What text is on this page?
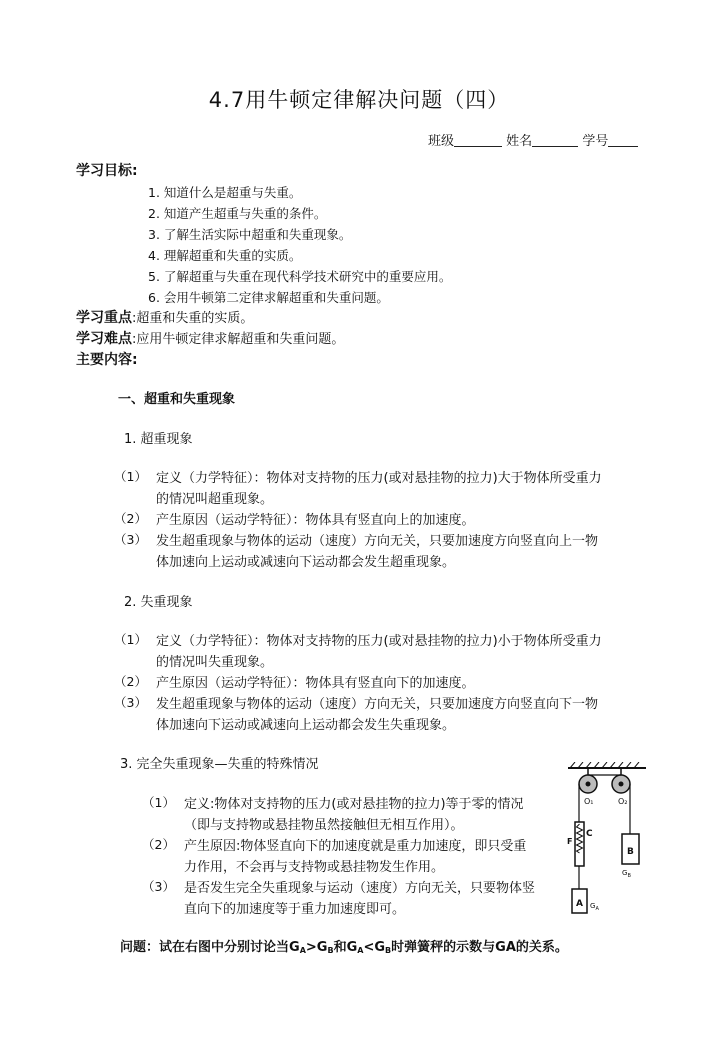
4.7用牛顿定律解决问题（四）
班级	姓名	学号
学习目标:
1. 知道什么是超重与失重。
2. 知道产生超重与失重的条件。
3. 了解生活实际中超重和失重现象。
4. 理解超重和失重的实质。
5. 了解超重与失重在现代科学技术研究中的重要应用。
6. 会用牛顿第二定律求解超重和失重问题。
学习重点:超重和失重的实质。
学习难点:应用牛顿定律求解超重和失重问题。
主要内容:
一、超重和失重现象
1. 超重现象
（1） 定义（力学特征）：物体对支持物的压力(或对悬挂物的拉力)大于物体所受重力
的情况叫超重现象。
（2） 产生原因（运动学特征）：物体具有竖直向上的加速度。
（3） 发生超重现象与物体的运动（速度）方向无关，只要加速度方向竖直向上一物
体加速向上运动或减速向下运动都会发生超重现象。
2. 失重现象
（1） 定义（力学特征）：物体对支持物的压力(或对悬挂物的拉力)小于物体所受重力
的情况叫失重现象。
（2） 产生原因（运动学特征）：物体具有竖直向下的加速度。
（3） 发生超重现象与物体的运动（速度）方向无关，只要加速度方向竖直向下一物
体加速向下运动或减速向上运动都会发生失重现象。
3. 完全失重现象—失重的特殊情况
（1） 定义:物体对支持物的压力(或对悬挂物的拉力)等于零的情况
（即与支持物或悬挂物虽然接触但无相互作用）。
（2） 产生原因:物体竖直向下的加速度就是重力加速度，即只受重
力作用，不会再与支持物或悬挂物发生作用。
（3） 是否发生完全失重现象与运动（速度）方向无关，只要物体竖
直向下的加速度等于重力加速度即可。
O₁	O₂
C
F
A $G_A$
B
$G_B$
问题：试在右图中分别讨论当$G_A>G_B$和$G_A<G_B$时弹簧秤的示数与GA的关系。
